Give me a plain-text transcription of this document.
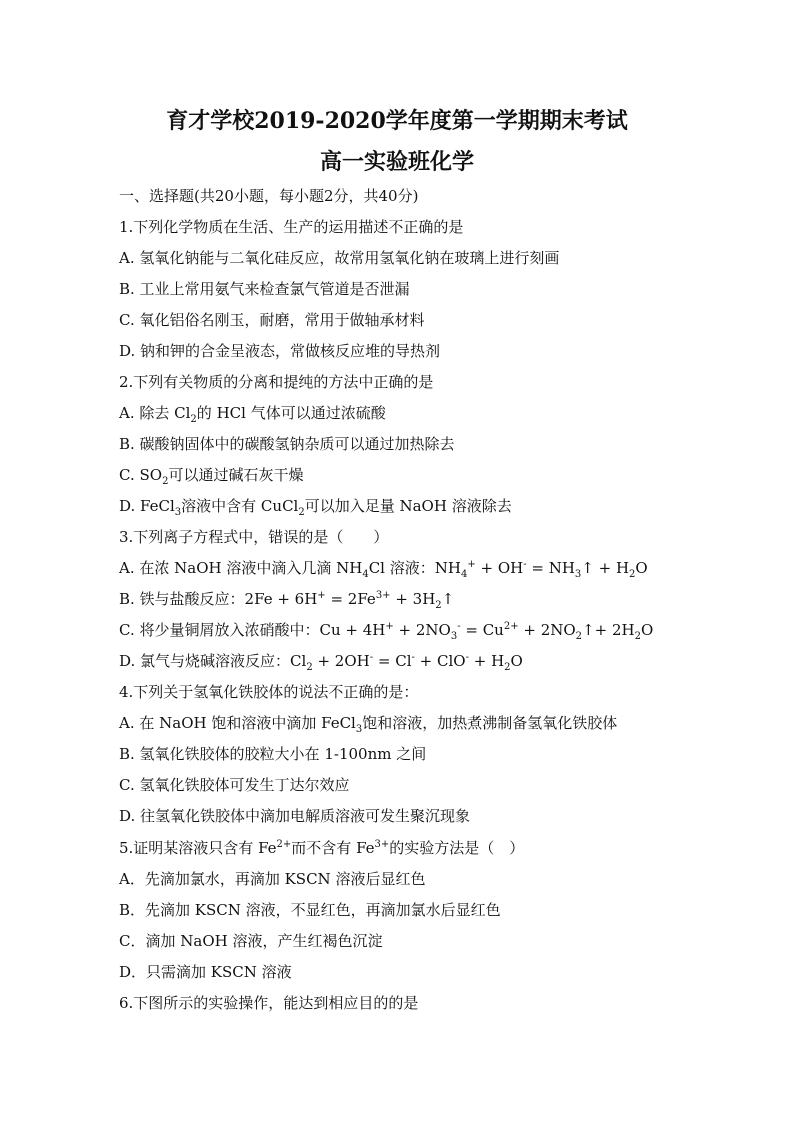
育才学校2019-2020学年度第一学期期末考试
高一实验班化学
一、选择题(共20小题，每小题2分，共40分)
1.下列化学物质在生活、生产的运用描述不正确的是
A. 氢氧化钠能与二氧化硅反应，故常用氢氧化钠在玻璃上进行刻画
B. 工业上常用氨气来检查氯气管道是否泄漏
C. 氧化铝俗名刚玉，耐磨，常用于做轴承材料
D. 钠和钾的合金呈液态，常做核反应堆的导热剂
2.下列有关物质的分离和提纯的方法中正确的是
A. 除去 $Cl_2$的 HCl 气体可以通过浓硫酸
B. 碳酸钠固体中的碳酸氢钠杂质可以通过加热除去
C. $SO_2$可以通过碱石灰干燥
D. FeCl$_3$溶液中含有 CuCl$_2$可以加入足量 NaOH 溶液除去
3.下列离子方程式中，错误的是（　　）
A. 在浓 NaOH 溶液中滴入几滴 $NH_4Cl$ 溶液：$NH_4^+ + OH^-$ = $NH_3↑ + H_2O$
B. 铁与盐酸反应：$2Fe + 6H^+ = 2Fe^{3+}$ + $3H_2↑$
C. 将少量铜屑放入浓硝酸中：$Cu + 4H^+ + 2NO_3^- = Cu^{2+}$ + $2NO_2↑+ 2H_2O$
D. 氯气与烧碱溶液反应：$Cl_2 + 2OH^- = Cl^- + ClO^- + H_2O$
4.下列关于氢氧化铁胶体的说法不正确的是：
A. 在 NaOH 饱和溶液中滴加 FeCl$_3$饱和溶液，加热煮沸制备氢氧化铁胶体
B. 氢氧化铁胶体的胶粒大小在 1-100nm 之间
C. 氢氧化铁胶体可发生丁达尔效应
D. 往氢氧化铁胶体中滴加电解质溶液可发生聚沉现象
5.证明某溶液只含有 $Fe^{2+}$而不含有 $Fe^{3+}$的实验方法是（　）
A．先滴加氯水，再滴加 KSCN 溶液后显红色
B．先滴加 KSCN 溶液，不显红色，再滴加氯水后显红色
C．滴加 NaOH 溶液，产生红褐色沉淀
D．只需滴加 KSCN 溶液
6.下图所示的实验操作，能达到相应目的的是
